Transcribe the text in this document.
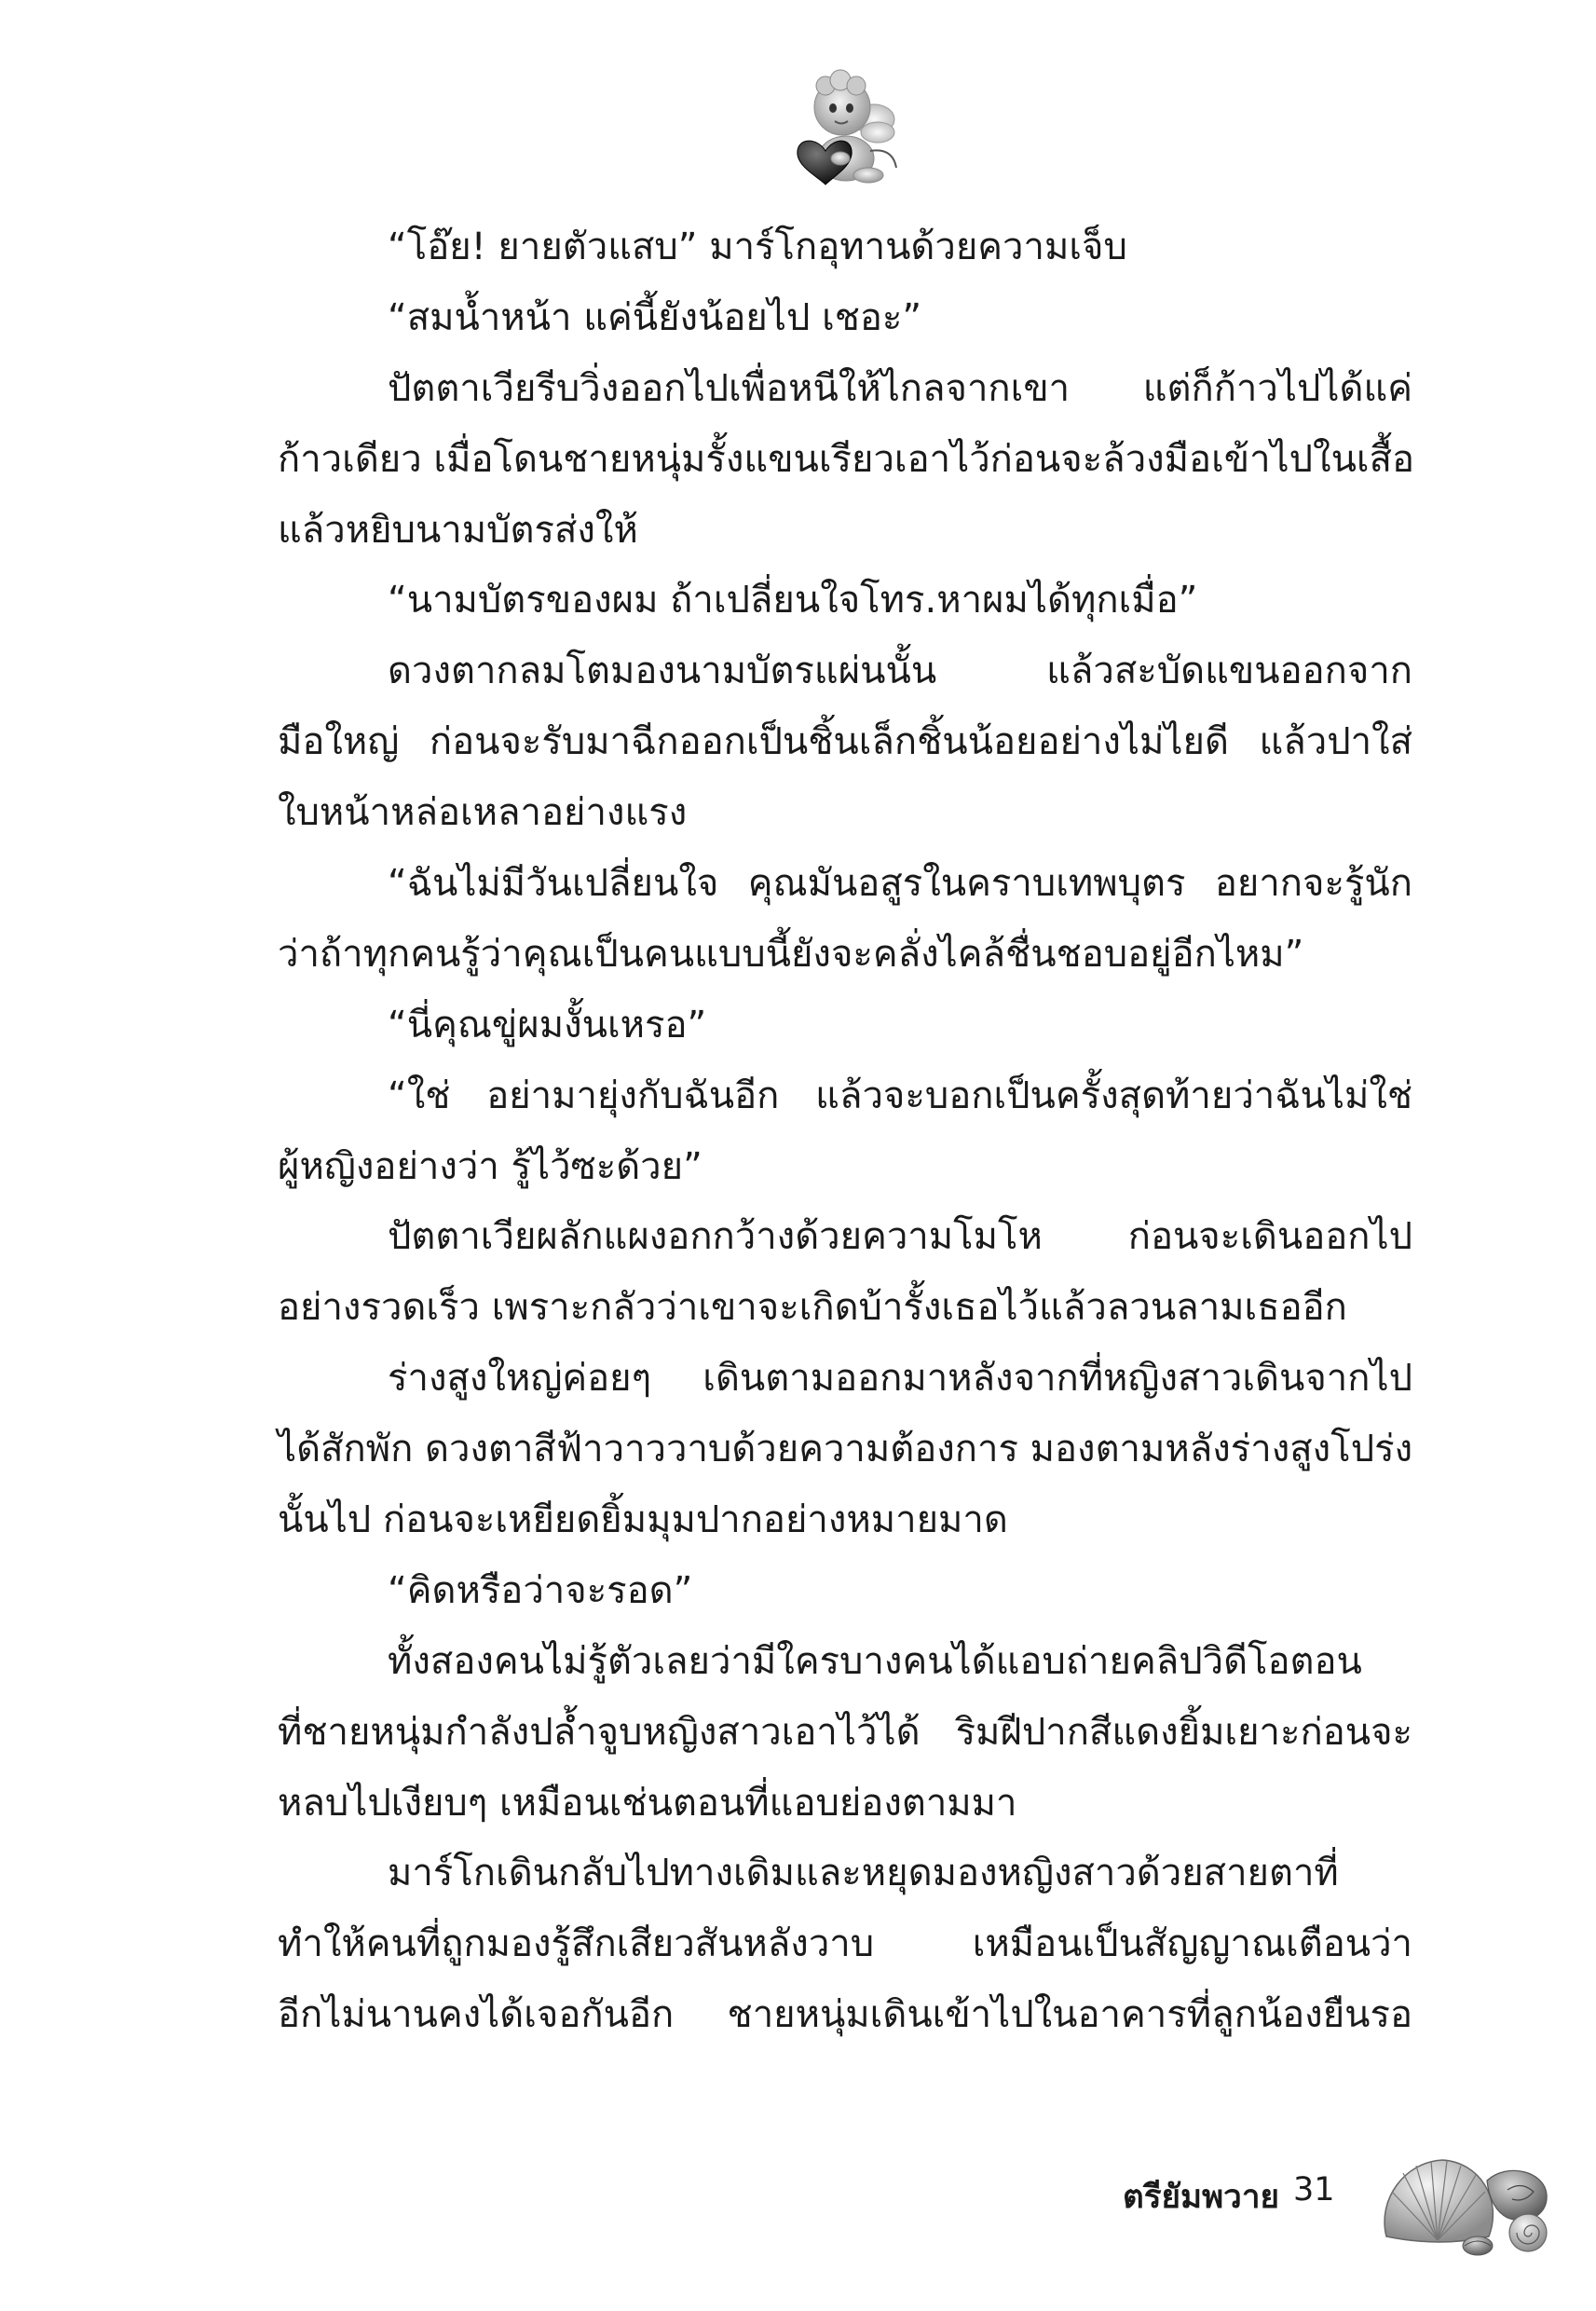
“โอ๊ย! ยายตัวแสบ” มาร์โกอุทานด้วยความเจ็บ
“สมน้ำหน้า แค่นี้ยังน้อยไป เชอะ”
ปัตตาเวียรีบวิ่งออกไปเพื่อหนีให้ไกลจากเขา แต่ก็ก้าวไปได้แค่
ก้าวเดียว เมื่อโดนชายหนุ่มรั้งแขนเรียวเอาไว้ก่อนจะล้วงมือเข้าไปในเสื้อ
แล้วหยิบนามบัตรส่งให้
“นามบัตรของผม ถ้าเปลี่ยนใจโทร.หาผมได้ทุกเมื่อ”
ดวงตากลมโตมองนามบัตรแผ่นนั้น แล้วสะบัดแขนออกจาก
มือใหญ่ ก่อนจะรับมาฉีกออกเป็นชิ้นเล็กชิ้นน้อยอย่างไม่ไยดี แล้วปาใส่
ใบหน้าหล่อเหลาอย่างแรง
“ฉันไม่มีวันเปลี่ยนใจ คุณมันอสูรในคราบเทพบุตร อยากจะรู้นัก
ว่าถ้าทุกคนรู้ว่าคุณเป็นคนแบบนี้ยังจะคลั่งไคล้ชื่นชอบอยู่อีกไหม”
“นี่คุณขู่ผมงั้นเหรอ”
“ใช่ อย่ามายุ่งกับฉันอีก แล้วจะบอกเป็นครั้งสุดท้ายว่าฉันไม่ใช่
ผู้หญิงอย่างว่า รู้ไว้ซะด้วย”
ปัตตาเวียผลักแผงอกกว้างด้วยความโมโห ก่อนจะเดินออกไป
อย่างรวดเร็ว เพราะกลัวว่าเขาจะเกิดบ้ารั้งเธอไว้แล้วลวนลามเธออีก
ร่างสูงใหญ่ค่อยๆ เดินตามออกมาหลังจากที่หญิงสาวเดินจากไป
ได้สักพัก ดวงตาสีฟ้าวาววาบด้วยความต้องการ มองตามหลังร่างสูงโปร่ง
นั้นไป ก่อนจะเหยียดยิ้มมุมปากอย่างหมายมาด
“คิดหรือว่าจะรอด”
ทั้งสองคนไม่รู้ตัวเลยว่ามีใครบางคนได้แอบถ่ายคลิปวิดีโอตอน
ที่ชายหนุ่มกำลังปล้ำจูบหญิงสาวเอาไว้ได้ ริมฝีปากสีแดงยิ้มเยาะก่อนจะ
หลบไปเงียบๆ เหมือนเช่นตอนที่แอบย่องตามมา
มาร์โกเดินกลับไปทางเดิมและหยุดมองหญิงสาวด้วยสายตาที่
ทำให้คนที่ถูกมองรู้สึกเสียวสันหลังวาบ เหมือนเป็นสัญญาณเตือนว่า
อีกไม่นานคงได้เจอกันอีก ชายหนุ่มเดินเข้าไปในอาคารที่ลูกน้องยืนรอ
ตรียัมพวาย 31
